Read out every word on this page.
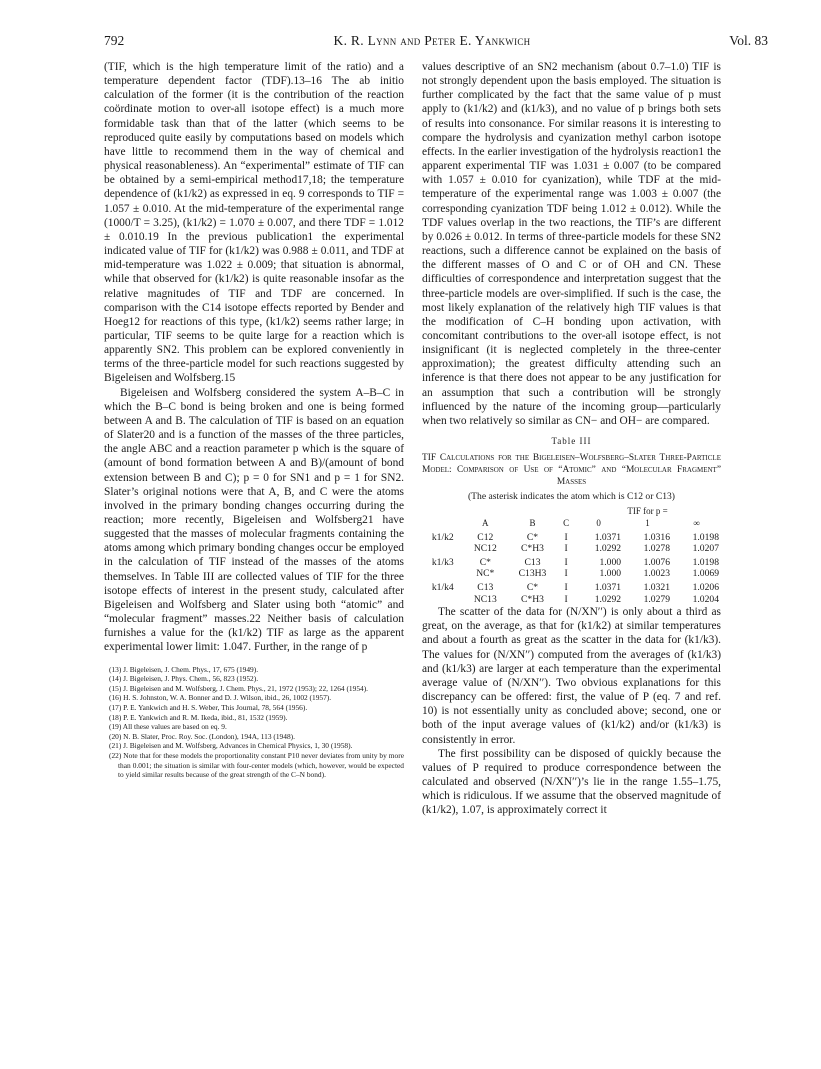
792	K. R. Lynn and Peter E. Yankwich	Vol. 83

(TIF, which is the high temperature limit of the ratio) and a temperature dependent factor (TDF).13–16 The ab initio calculation of the former (it is the contribution of the reaction coördinate motion to over-all isotope effect) is a much more formidable task than that of the latter (which seems to be reproduced quite easily by computations based on models which have little to recommend them in the way of chemical and physical reasonableness). An “experimental” estimate of TIF can be obtained by a semi-empirical method17,18; the temperature dependence of (k1/k2) as expressed in eq. 9 corresponds to TIF = 1.057 ± 0.010. At the mid-temperature of the experimental range (1000/T = 3.25), (k1/k2) = 1.070 ± 0.007, and there TDF = 1.012 ± 0.010.19 In the previous publication1 the experimental indicated value of TIF for (k1/k2) was 0.988 ± 0.011, and TDF at mid-temperature was 1.022 ± 0.009; that situation is abnormal, while that observed for (k1/k2) is quite reasonable insofar as the relative magnitudes of TIF and TDF are concerned. In comparison with the C14 isotope effects reported by Bender and Hoeg12 for reactions of this type, (k1/k2) seems rather large; in particular, TIF seems to be quite large for a reaction which is apparently SN2. This problem can be explored conveniently in terms of the three-particle model for such reactions suggested by Bigeleisen and Wolfsberg.15

Bigeleisen and Wolfsberg considered the system A–B–C in which the B–C bond is being broken and one is being formed between A and B. The calculation of TIF is based on an equation of Slater20 and is a function of the masses of the three particles, the angle ABC and a reaction parameter p which is the square of (amount of bond formation between A and B)/(amount of bond extension between B and C); p = 0 for SN1 and p = 1 for SN2. Slater’s original notions were that A, B, and C were the atoms involved in the primary bonding changes occurring during the reaction; more recently, Bigeleisen and Wolfsberg21 have suggested that the masses of molecular fragments containing the atoms among which primary bonding changes occur be employed in the calculation of TIF instead of the masses of the atoms themselves. In Table III are collected values of TIF for the three isotope effects of interest in the present study, calculated after Bigeleisen and Wolfsberg and Slater using both “atomic” and “molecular fragment” masses.22 Neither basis of calculation furnishes a value for the (k1/k2) TIF as large as the apparent experimental lower limit: 1.047. Further, in the range of p

(13) J. Bigeleisen, J. Chem. Phys., 17, 675 (1949).
(14) J. Bigeleisen, J. Phys. Chem., 56, 823 (1952).
(15) J. Bigeleisen and M. Wolfsberg, J. Chem. Phys., 21, 1972 (1953); 22, 1264 (1954).
(16) H. S. Johnston, W. A. Bonner and D. J. Wilson, ibid., 26, 1002 (1957).
(17) P. E. Yankwich and H. S. Weber, This Journal, 78, 564 (1956).
(18) P. E. Yankwich and R. M. Ikeda, ibid., 81, 1532 (1959).
(19) All these values are based on eq. 9.
(20) N. B. Slater, Proc. Roy. Soc. (London), 194A, 113 (1948).
(21) J. Bigeleisen and M. Wolfsberg, Advances in Chemical Physics, 1, 30 (1958).
(22) Note that for these models the proportionality constant P10 never deviates from unity by more than 0.001; the situation is similar with four-center models (which, however, would be expected to yield similar results because of the great strength of the C–N bond).

values descriptive of an SN2 mechanism (about 0.7–1.0) TIF is not strongly dependent upon the basis employed. The situation is further complicated by the fact that the same value of p must apply to (k1/k2) and (k1/k3), and no value of p brings both sets of results into consonance. For similar reasons it is interesting to compare the hydrolysis and cyanization methyl carbon isotope effects. In the earlier investigation of the hydrolysis reaction1 the apparent experimental TIF was 1.031 ± 0.007 (to be compared with 1.057 ± 0.010 for cyanization), while TDF at the mid-temperature of the experimental range was 1.003 ± 0.007 (the corresponding cyanization TDF being 1.012 ± 0.012). While the TDF values overlap in the two reactions, the TIF’s are different by 0.026 ± 0.012. In terms of three-particle models for these SN2 reactions, such a difference cannot be explained on the basis of the different masses of O and C or of OH and CN. These difficulties of correspondence and interpretation suggest that the three-particle models are over-simplified. If such is the case, the most likely explanation of the relatively high TIF values is that the modification of C–H bonding upon activation, with concomitant contributions to the over-all isotope effect, is not insignificant (it is neglected completely in the three-center approximation); the greatest difficulty attending such an inference is that there does not appear to be any justification for an assumption that such a contribution will be strongly influenced by the nature of the incoming group—particularly when two relatively so similar as CN− and OH− are compared.

Table III
TIF Calculations for the Bigeleisen–Wolfsberg–Slater Three-Particle Model: Comparison of Use of “Atomic” and “Molecular Fragment” Masses
(The asterisk indicates the atom which is C12 or C13)
				TIF for p =		
	A	B	C	0	1	∞
k1/k2	C12	C*	I	1.0371	1.0316	1.0198
	NC12	C*H3	I	1.0292	1.0278	1.0207
k1/k3	C*	C13	I	1.000	1.0076	1.0198
	NC*	C13H3	I	1.000	1.0023	1.0069
k1/k4	C13	C*	I	1.0371	1.0321	1.0206
	NC13	C*H3	I	1.0292	1.0279	1.0204

The scatter of the data for (N/XN′′) is only about a third as great, on the average, as that for (k1/k2) at similar temperatures and about a fourth as great as the scatter in the data for (k1/k3). The values for (N/XN′′) computed from the averages of (k1/k3) and (k1/k3) are larger at each temperature than the experimental average value of (N/XN′′). Two obvious explanations for this discrepancy can be offered: first, the value of P (eq. 7 and ref. 10) is not essentially unity as concluded above; second, one or both of the input average values of (k1/k2) and/or (k1/k3) is consistently in error.

The first possibility can be disposed of quickly because the values of P required to produce correspondence between the calculated and observed (N/XN′′)’s lie in the range 1.55–1.75, which is ridiculous. If we assume that the observed magnitude of (k1/k2), 1.07, is approximately correct it
